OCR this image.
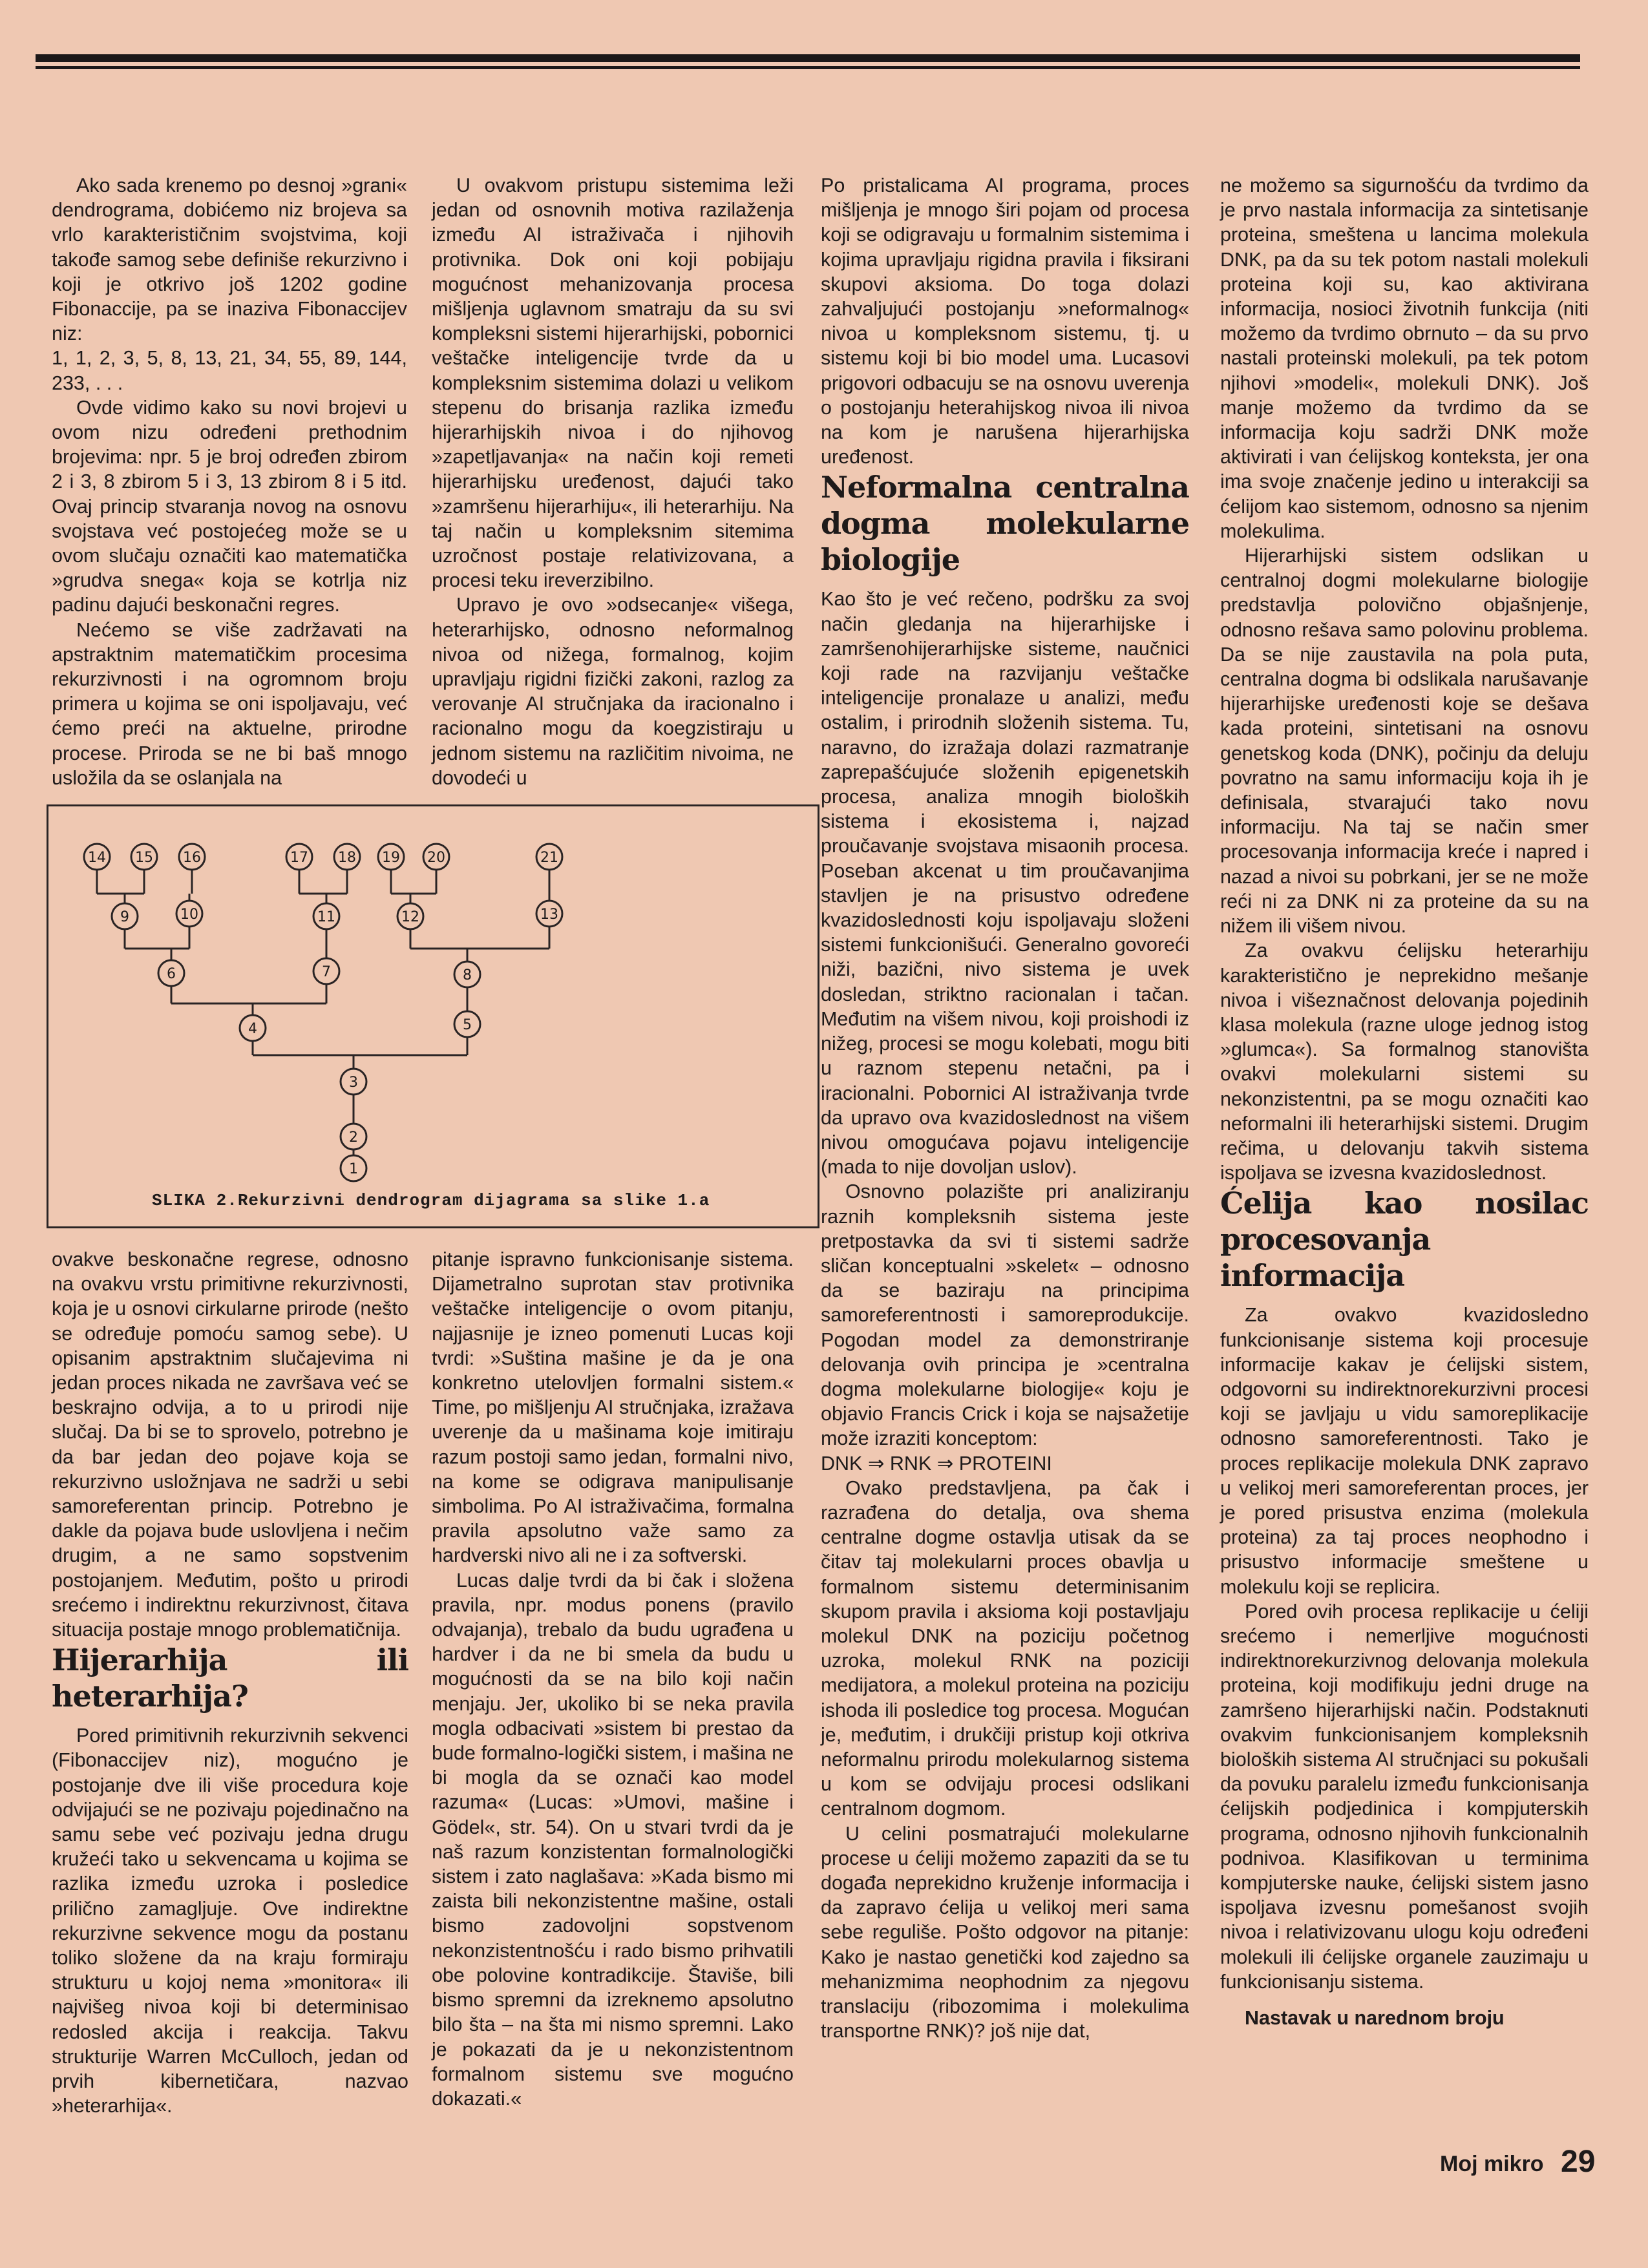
Ako sada krenemo po desnoj »grani« dendrograma, dobićemo niz brojeva sa vrlo karakterističnim svojstvima, koji takođe samog sebe definiše rekurzivno i koji je otkrivo još 1202 godine Fibonaccije, pa se inaziva Fibonaccijev niz:

1, 1, 2, 3, 5, 8, 13, 21, 34, 55, 89, 144, 233, . . .

Ovde vidimo kako su novi brojevi u ovom nizu određeni prethodnim brojevima: npr. 5 je broj određen zbirom 2 i 3, 8 zbirom 5 i 3, 13 zbirom 8 i 5 itd. Ovaj princip stvaranja novog na osnovu svojstava već postojećeg može se u ovom slučaju označiti kao matematička »grudva snega« koja se kotrlja niz padinu dajući beskonačni regres.

Nećemo se više zadržavati na apstraktnim matematičkim procesima rekurzivnosti i na ogromnom broju primera u kojima se oni ispoljavaju, već ćemo preći na aktuelne, prirodne procese. Priroda se ne bi baš mnogo usložila da se oslanjala na

U ovakvom pristupu sistemima leži jedan od osnovnih motiva razilaženja između AI istraživača i njihovih protivnika. Dok oni koji pobijaju mogućnost mehanizovanja procesa mišljenja uglavnom smatraju da su svi kompleksni sistemi hijerarhijski, pobornici veštačke inteligencije tvrde da u kompleksnim sistemima dolazi u velikom stepenu do brisanja razlika između hijerarhijskih nivoa i do njihovog »zapetljavanja« na način koji remeti hijerarhijsku uređenost, dajući tako »zamršenu hijerarhiju«, ili heterarhiju. Na taj način u kompleksnim sitemima uzročnost postaje relativizovana, a procesi teku ireverzibilno.

Upravo je ovo »odsecanje« višega, heterarhijsko, odnosno neformalnog nivoa od nižega, formalnog, kojim upravljaju rigidni fizički zakoni, razlog za verovanje AI stručnjaka da iracionalno i racionalno mogu da koegzistiraju u jednom sistemu na različitim nivoima, ne dovodeći u

Po pristalicama AI programa, proces mišljenja je mnogo širi pojam od procesa koji se odigravaju u formalnim sistemima i kojima upravljaju rigidna pravila i fiksirani skupovi aksioma. Do toga dolazi zahvaljujući postojanju »neformalnog« nivoa u kompleksnom sistemu, tj. u sistemu koji bi bio model uma. Lucasovi prigovori odbacuju se na osnovu uverenja o postojanju heterahijskog nivoa ili nivoa na kom je narušena hijerarhijska uređenost.

Neformalna centralna dogma molekularne biologije

Kao što je već rečeno, podršku za svoj način gledanja na hijerarhijske i zamršenohijerarhijske sisteme, naučnici koji rade na razvijanju veštačke inteligencije pronalaze u analizi, među ostalim, i prirodnih složenih sistema. Tu, naravno, do izražaja dolazi razmatranje zaprepašćujuće složenih epigenetskih procesa, analiza mnogih bioloških sistema i ekosistema i, najzad proučavanje svojstava misaonih procesa. Poseban akcenat u tim proučavanjima stavljen je na prisustvo određene kvazidoslednosti koju ispoljavaju složeni sistemi funkcionišući. Generalno govoreći niži, bazični, nivo sistema je uvek dosledan, striktno racionalan i tačan. Međutim na višem nivou, koji proishodi iz nižeg, procesi se mogu kolebati, mogu biti u raznom stepenu netačni, pa i iracionalni. Pobornici AI istraživanja tvrde da upravo ova kvazidoslednost na višem nivou omogućava pojavu inteligencije (mada to nije dovoljan uslov).

Osnovno polazište pri analiziranju raznih kompleksnih sistema jeste pretpostavka da svi ti sistemi sadrže sličan konceptualni »skelet« – odnosno da se baziraju na principima samoreferentnosti i samoreprodukcije. Pogodan model za demonstriranje delovanja ovih principa je »centralna dogma molekularne biologije« koju je objavio Francis Crick i koja se najsažetije može izraziti konceptom:

DNK ⇒ RNK ⇒ PROTEINI

Ovako predstavljena, pa čak i razrađena do detalja, ova shema centralne dogme ostavlja utisak da se čitav taj molekularni proces obavlja u formalnom sistemu determinisanim skupom pravila i aksioma koji postavljaju molekul DNK na poziciju početnog uzroka, molekul RNK na poziciji medijatora, a molekul proteina na poziciju ishoda ili posledice tog procesa. Mogućan je, međutim, i drukčiji pristup koji otkriva neformalnu prirodu molekularnog sistema u kom se odvijaju procesi odslikani centralnom dogmom.

U celini posmatrajući molekularne procese u ćeliji možemo zapaziti da se tu događa neprekidno kruženje informacija i da zapravo ćelija u velikoj meri sama sebe reguliše. Pošto odgovor na pitanje: Kako je nastao genetički kod zajedno sa mehanizmima neophodnim za njegovu translaciju (ribozomima i molekulima transportne RNK)? još nije dat,

ne možemo sa sigurnošću da tvrdimo da je prvo nastala informacija za sintetisanje proteina, smeštena u lancima molekula DNK, pa da su tek potom nastali molekuli proteina koji su, kao aktivirana informacija, nosioci životnih funkcija (niti možemo da tvrdimo obrnuto – da su prvo nastali proteinski molekuli, pa tek potom njihovi »modeli«, molekuli DNK). Još manje možemo da tvrdimo da se informacija koju sadrži DNK može aktivirati i van ćelijskog konteksta, jer ona ima svoje značenje jedino u interakciji sa ćelijom kao sistemom, odnosno sa njenim molekulima.

Hijerarhijski sistem odslikan u centralnoj dogmi molekularne biologije predstavlja polovično objašnjenje, odnosno rešava samo polovinu problema. Da se nije zaustavila na pola puta, centralna dogma bi odslikala narušavanje hijerarhijske uređenosti koje se dešava kada proteini, sintetisani na osnovu genetskog koda (DNK), počinju da deluju povratno na samu informaciju koja ih je definisala, stvarajući tako novu informaciju. Na taj se način smer procesovanja informacija kreće i napred i nazad a nivoi su pobrkani, jer se ne može reći ni za DNK ni za proteine da su na nižem ili višem nivou.

Za ovakvu ćelijsku heterarhiju karakteristično je neprekidno mešanje nivoa i višeznačnost delovanja pojedinih klasa molekula (razne uloge jednog istog »glumca«). Sa formalnog stanovišta ovakvi molekularni sistemi su nekonzistentni, pa se mogu označiti kao neformalni ili heterarhijski sistemi. Drugim rečima, u delovanju takvih sistema ispoljava se izvesna kvazidoslednost.

Ćelija kao nosilac procesovanja informacija

Za ovakvo kvazidosledno funkcionisanje sistema koji procesuje informacije kakav je ćelijski sistem, odgovorni su indirektnorekurzivni procesi koji se javljaju u vidu samoreplikacije odnosno samoreferentnosti. Tako je proces replikacije molekula DNK zapravo u velikoj meri samoreferentan proces, jer je pored prisustva enzima (molekula proteina) za taj proces neophodno i prisustvo informacije smeštene u molekulu koji se replicira.

Pored ovih procesa replikacije u ćeliji srećemo i nemerljive mogućnosti indirektnorekurzivnog delovanja molekula proteina, koji modifikuju jedni druge na zamršeno hijerarhijski način. Podstaknuti ovakvim funkcionisanjem kompleksnih bioloških sistema AI stručnjaci su pokušali da povuku paralelu između funkcionisanja ćelijskih podjedinica i kompjuterskih programa, odnosno njihovih funkcionalnih podnivoa. Klasifikovan u terminima kompjuterske nauke, ćelijski sistem jasno ispoljava izvesnu pomešanost svojih nivoa i relativizovanu ulogu koju određeni molekuli ili ćelijske organele zauzimaju u funkcionisanju sistema.

Nastavak u narednom broju

ovakve beskonačne regrese, odnosno na ovakvu vrstu primitivne rekurzivnosti, koja je u osnovi cirkularne prirode (nešto se određuje pomoću samog sebe). U opisanim apstraktnim slučajevima ni jedan proces nikada ne završava već se beskrajno odvija, a to u prirodi nije slučaj. Da bi se to sprovelo, potrebno je da bar jedan deo pojave koja se rekurzivno usložnjava ne sadrži u sebi samoreferentan princip. Potrebno je dakle da pojava bude uslovljena i nečim drugim, a ne samo sopstvenim postojanjem. Međutim, pošto u prirodi srećemo i indirektnu rekurzivnost, čitava situacija postaje mnogo problematičnija.

Hijerarhija ili heterarhija?

Pored primitivnih rekurzivnih sekvenci (Fibonaccijev niz), mogućno je postojanje dve ili više procedura koje odvijajući se ne pozivaju pojedinačno na samu sebe već pozivaju jedna drugu kružeći tako u sekvencama u kojima se razlika između uzroka i posledice prilično zamagljuje. Ove indirektne rekurzivne sekvence mogu da postanu toliko složene da na kraju formiraju strukturu u kojoj nema »monitora« ili najvišeg nivoa koji bi determinisao redosled akcija i reakcija. Takvu strukturije Warren McCulloch, jedan od prvih kibernetičara, nazvao »heterarhija«.

pitanje ispravno funkcionisanje sistema. Dijametralno suprotan stav protivnika veštačke inteligencije o ovom pitanju, najjasnije je izneo pomenuti Lucas koji tvrdi: »Suština mašine je da je ona konkretno utelovljen formalni sistem.« Time, po mišljenju AI stručnjaka, izražava uverenje da u mašinama koje imitiraju razum postoji samo jedan, formalni nivo, na kome se odigrava manipulisanje simbolima. Po AI istraživačima, formalna pravila apsolutno važe samo za hardverski nivo ali ne i za softverski.

Lucas dalje tvrdi da bi čak i složena pravila, npr. modus ponens (pravilo odvajanja), trebalo da budu ugrađena u hardver i da ne bi smela da budu u mogućnosti da se na bilo koji način menjaju. Jer, ukoliko bi se neka pravila mogla odbacivati »sistem bi prestao da bude formalno-logički sistem, i mašina ne bi mogla da se označi kao model razuma« (Lucas: »Umovi, mašine i Gödel«, str. 54). On u stvari tvrdi da je naš razum konzistentan formalnologički sistem i zato naglašava: »Kada bismo mi zaista bili nekonzistentne mašine, ostali bismo zadovoljni sopstvenom nekonzistentnošću i rado bismo prihvatili obe polovine kontradikcije. Štaviše, bili bismo spremni da izreknemo apsolutno bilo šta – na šta mi nismo spremni. Lako je pokazati da je u nekonzistentnom formalnom sistemu sve mogućno dokazati.«

14 15 16	17 18 19 20	21
9	10	11	12	13
6	7	8
4	5
3
2
1
SLIKA 2.Rekurzivni dendrogram dijagrama sa slike 1.a
Moj mikro 29
